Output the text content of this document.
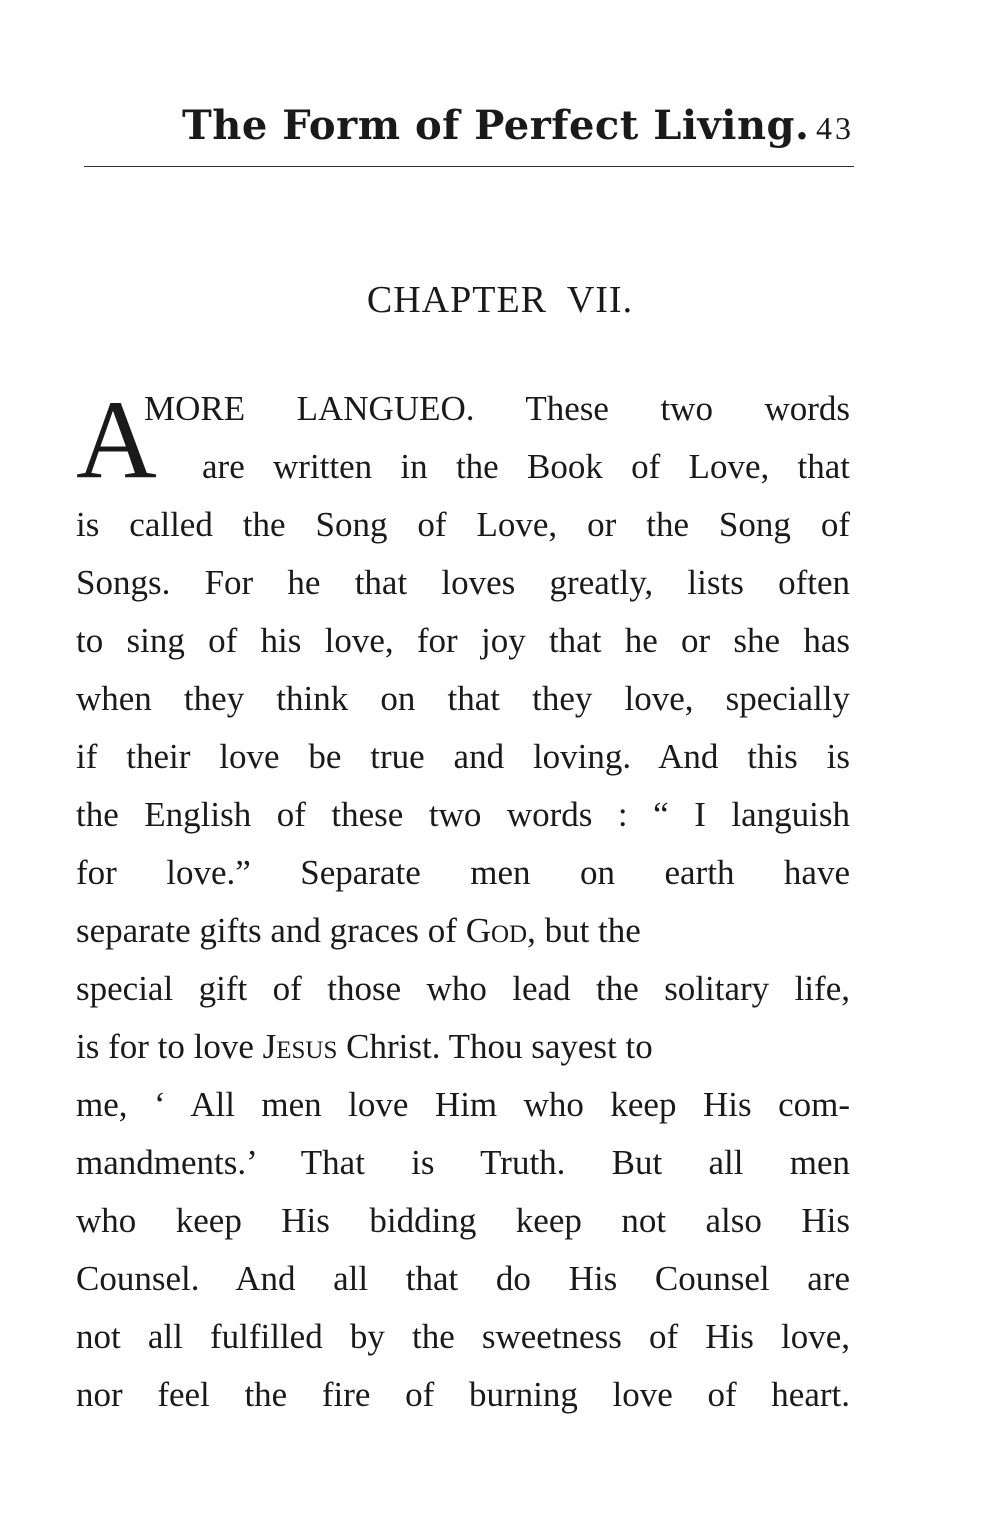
The Form of Perfect Living. 43
CHAPTER VII.
A
MORE LANGUEO. These two words
are written in the Book of Love, that
is called the Song of Love, or the Song of
Songs. For he that loves greatly, lists often
to sing of his love, for joy that he or she has
when they think on that they love, specially
if their love be true and loving. And this is
the English of these two words : “ I languish
for love.” Separate men on earth have
separate gifts and graces of God, but the
special gift of those who lead the solitary life,
is for to love Jesus Christ. Thou sayest to
me, ‘ All men love Him who keep His com-
mandments.’ That is Truth. But all men
who keep His bidding keep not also His
Counsel. And all that do His Counsel are
not all fulfilled by the sweetness of His love,
nor feel the fire of burning love of heart.
